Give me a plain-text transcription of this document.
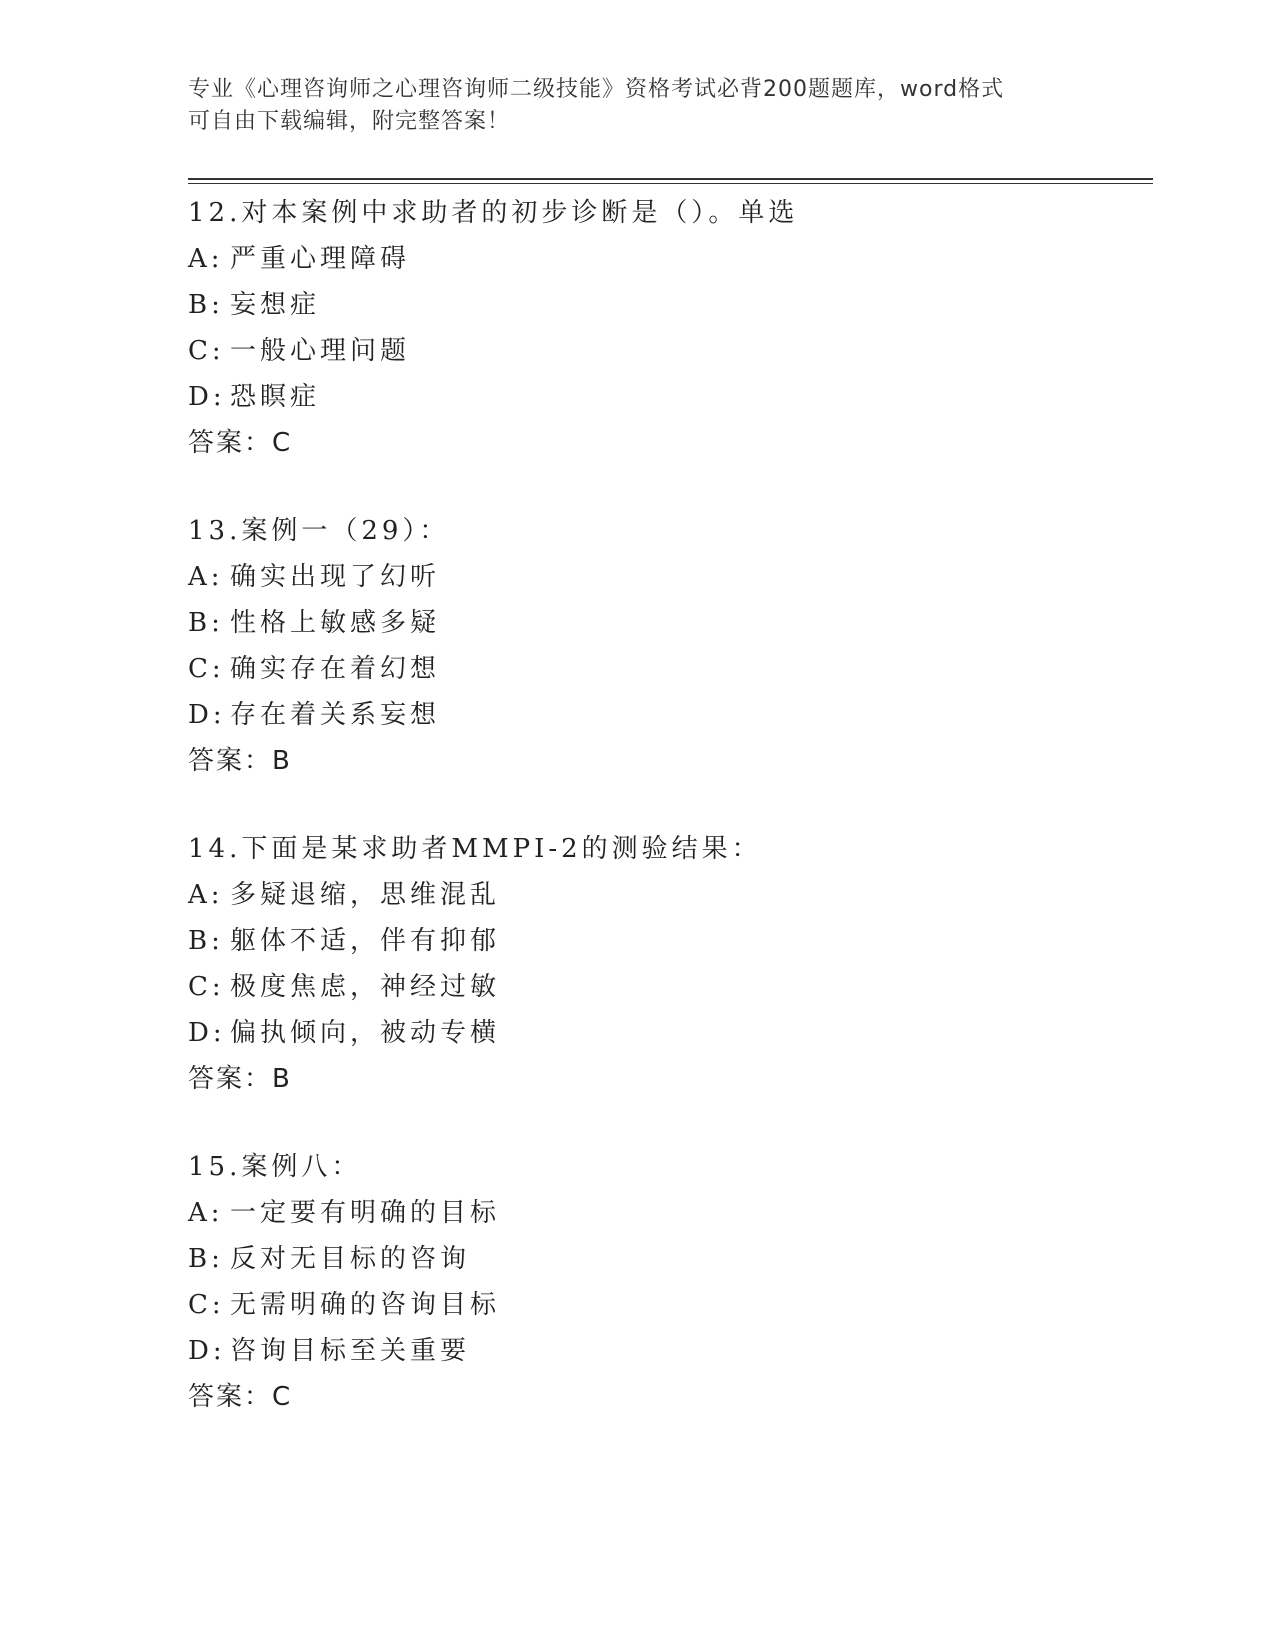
专业《心理咨询师之心理咨询师二级技能》资格考试必背200题题库，word格式
可自由下载编辑，附完整答案！
12.对本案例中求助者的初步诊断是（）。单选
A: 严重心理障碍
B: 妄想症
C: 一般心理问题
D: 恐瞑症
答案：C
13.案例一（29）：
A: 确实出现了幻听
B: 性格上敏感多疑
C: 确实存在着幻想
D: 存在着关系妄想
答案：B
14.下面是某求助者MMPI-2的测验结果：
A: 多疑退缩，思维混乱
B: 躯体不适，伴有抑郁
C: 极度焦虑，神经过敏
D: 偏执倾向，被动专横
答案：B
15.案例八：
A: 一定要有明确的目标
B: 反对无目标的咨询
C: 无需明确的咨询目标
D: 咨询目标至关重要
答案：C
